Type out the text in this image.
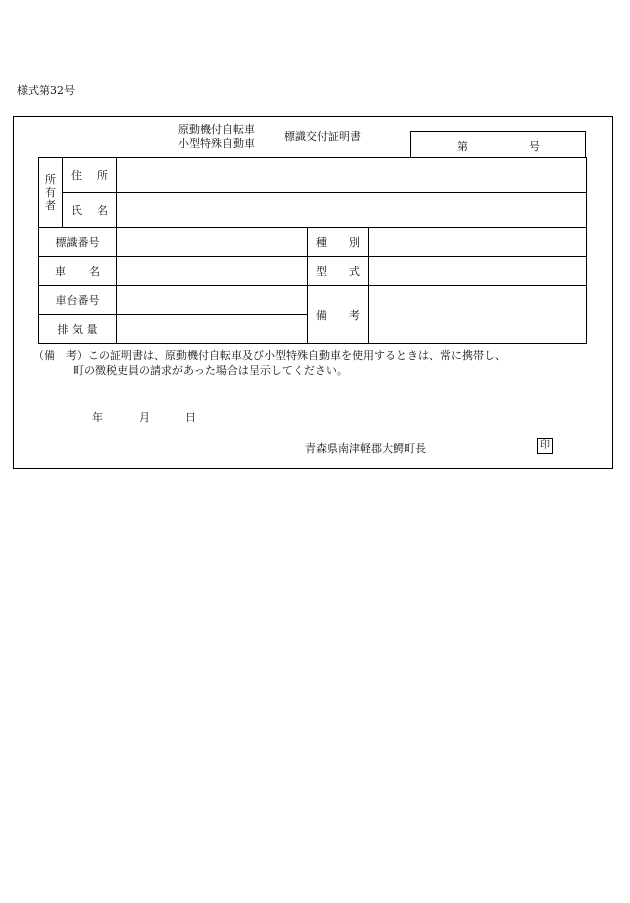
様式第32号
原動機付自転車
小型特殊自動車
標識交付証明書
第	号
所有者	住 所			

	氏 名			

標識番号			種 別	

車 名			型 式	

車台番号			備 考	

排 気 量				
（備　考）この証明書は、原動機付自転車及び小型特殊自動車を使用するときは、常に携帯し、
町の徴税吏員の請求があった場合は呈示してください。
年	月	日
青森県南津軽郡大鰐町長	印
